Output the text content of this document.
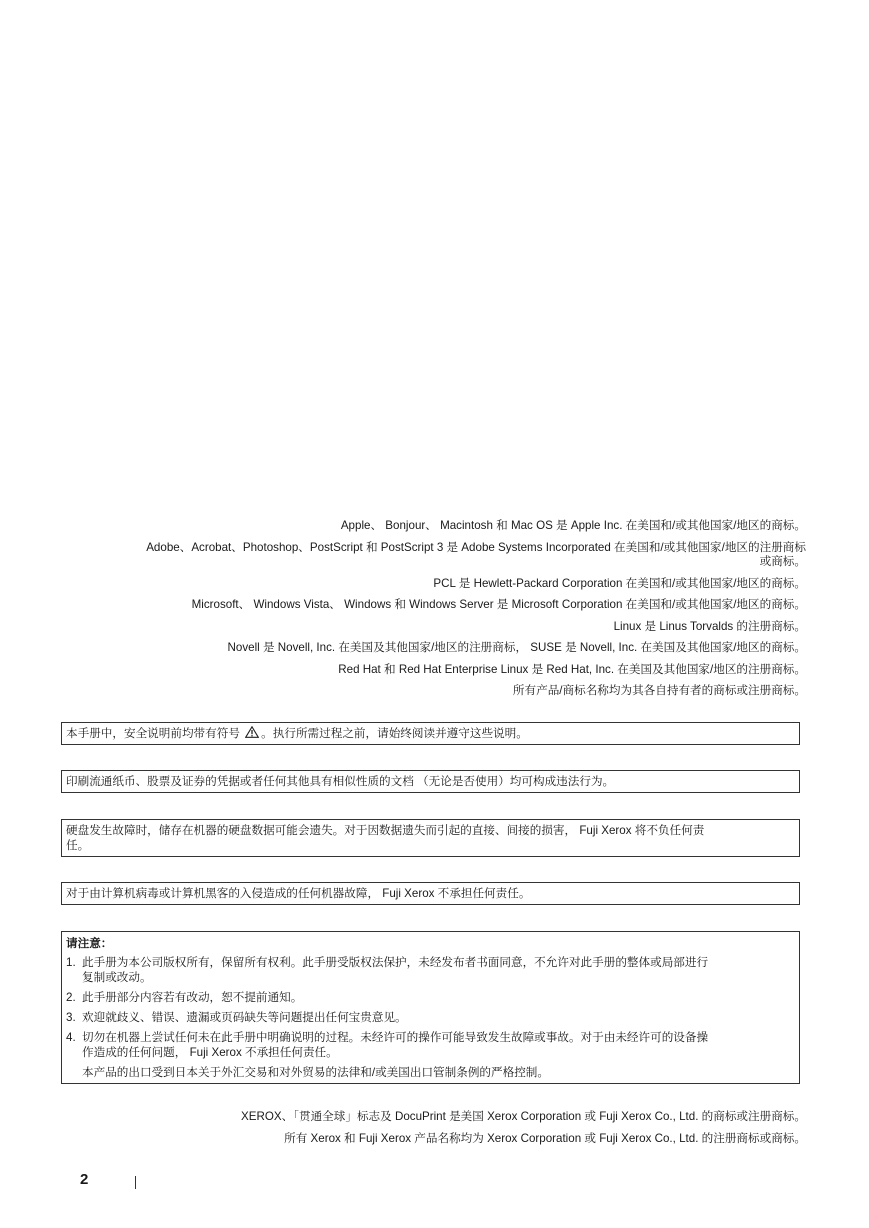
Apple、 Bonjour、 Macintosh 和 Mac OS 是 Apple Inc. 在美国和/或其他国家/地区的商标。
Adobe、Acrobat、Photoshop、PostScript 和 PostScript 3 是 Adobe Systems Incorporated 在美国和/或其他国家/地区的注册商标
或商标。
PCL 是 Hewlett-Packard Corporation 在美国和/或其他国家/地区的商标。
Microsoft、 Windows Vista、 Windows 和 Windows Server 是 Microsoft Corporation 在美国和/或其他国家/地区的商标。
Linux 是 Linus Torvalds 的注册商标。
Novell 是 Novell, Inc. 在美国及其他国家/地区的注册商标， SUSE 是 Novell, Inc. 在美国及其他国家/地区的商标。
Red Hat 和 Red Hat Enterprise Linux 是 Red Hat, Inc. 在美国及其他国家/地区的注册商标。
所有产品/商标名称均为其各自持有者的商标或注册商标。
本手册中，安全说明前均带有符号 。执行所需过程之前，请始终阅读并遵守这些说明。
印刷流通纸币、股票及证券的凭据或者任何其他具有相似性质的文档 （无论是否使用）均可构成违法行为。
硬盘发生故障时，储存在机器的硬盘数据可能会遗失。对于因数据遗失而引起的直接、间接的损害， Fuji Xerox 将不负任何责
任。
对于由计算机病毒或计算机黑客的入侵造成的任何机器故障， Fuji Xerox 不承担任何责任。
请注意：
1. 此手册为本公司版权所有，保留所有权利。此手册受版权法保护，未经发布者书面同意，不允许对此手册的整体或局部进行
复制或改动。
2. 此手册部分内容若有改动，恕不提前通知。
3. 欢迎就歧义、错误、遗漏或页码缺失等问题提出任何宝贵意见。
4. 切勿在机器上尝试任何未在此手册中明确说明的过程。未经许可的操作可能导致发生故障或事故。对于由未经许可的设备操
作造成的任何问题， Fuji Xerox 不承担任何责任。
本产品的出口受到日本关于外汇交易和对外贸易的法律和/或美国出口管制条例的严格控制。
XEROX、「贯通全球」标志及 DocuPrint 是美国 Xerox Corporation 或 Fuji Xerox Co., Ltd. 的商标或注册商标。
所有 Xerox 和 Fuji Xerox 产品名称均为 Xerox Corporation 或 Fuji Xerox Co., Ltd. 的注册商标或商标。
2
